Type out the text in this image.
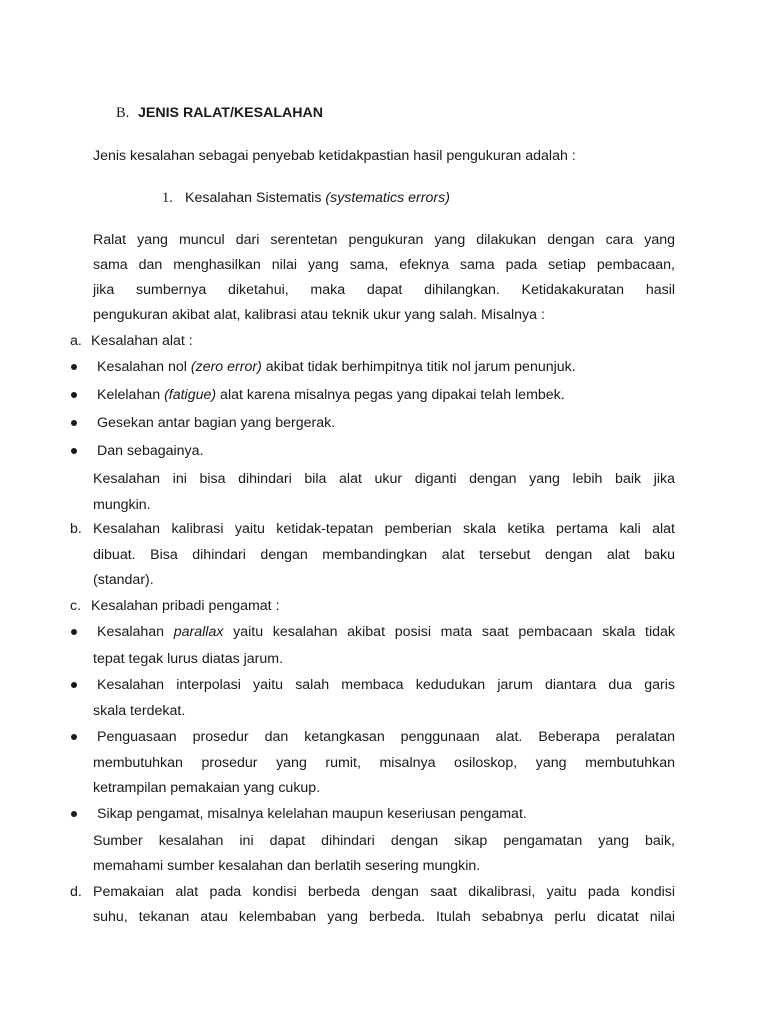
B. JENIS RALAT/KESALAHAN
Jenis kesalahan sebagai penyebab ketidakpastian hasil pengukuran adalah :
1. Kesalahan Sistematis (systematics errors)
Ralat yang muncul dari serentetan pengukuran yang dilakukan dengan cara yang
sama dan menghasilkan nilai yang sama, efeknya sama pada setiap pembacaan,
jika sumbernya diketahui, maka dapat dihilangkan. Ketidakakuratan hasil
pengukuran akibat alat, kalibrasi atau teknik ukur yang salah. Misalnya :
a. Kesalahan alat :
Kesalahan nol (zero error) akibat tidak berhimpitnya titik nol jarum penunjuk.
Kelelahan (fatigue) alat karena misalnya pegas yang dipakai telah lembek.
Gesekan antar bagian yang bergerak.
Dan sebagainya.
Kesalahan ini bisa dihindari bila alat ukur diganti dengan yang lebih baik jika
mungkin.
b. Kesalahan kalibrasi yaitu ketidak-tepatan pemberian skala ketika pertama kali alat
dibuat. Bisa dihindari dengan membandingkan alat tersebut dengan alat baku
(standar).
c. Kesalahan pribadi pengamat :
Kesalahan parallax yaitu kesalahan akibat posisi mata saat pembacaan skala tidak
tepat tegak lurus diatas jarum.
Kesalahan interpolasi yaitu salah membaca kedudukan jarum diantara dua garis
skala terdekat.
Penguasaan prosedur dan ketangkasan penggunaan alat. Beberapa peralatan
membutuhkan prosedur yang rumit, misalnya osiloskop, yang membutuhkan
ketrampilan pemakaian yang cukup.
Sikap pengamat, misalnya kelelahan maupun keseriusan pengamat.
Sumber kesalahan ini dapat dihindari dengan sikap pengamatan yang baik,
memahami sumber kesalahan dan berlatih sesering mungkin.
d. Pemakaian alat pada kondisi berbeda dengan saat dikalibrasi, yaitu pada kondisi
suhu, tekanan atau kelembaban yang berbeda. Itulah sebabnya perlu dicatat nilai
